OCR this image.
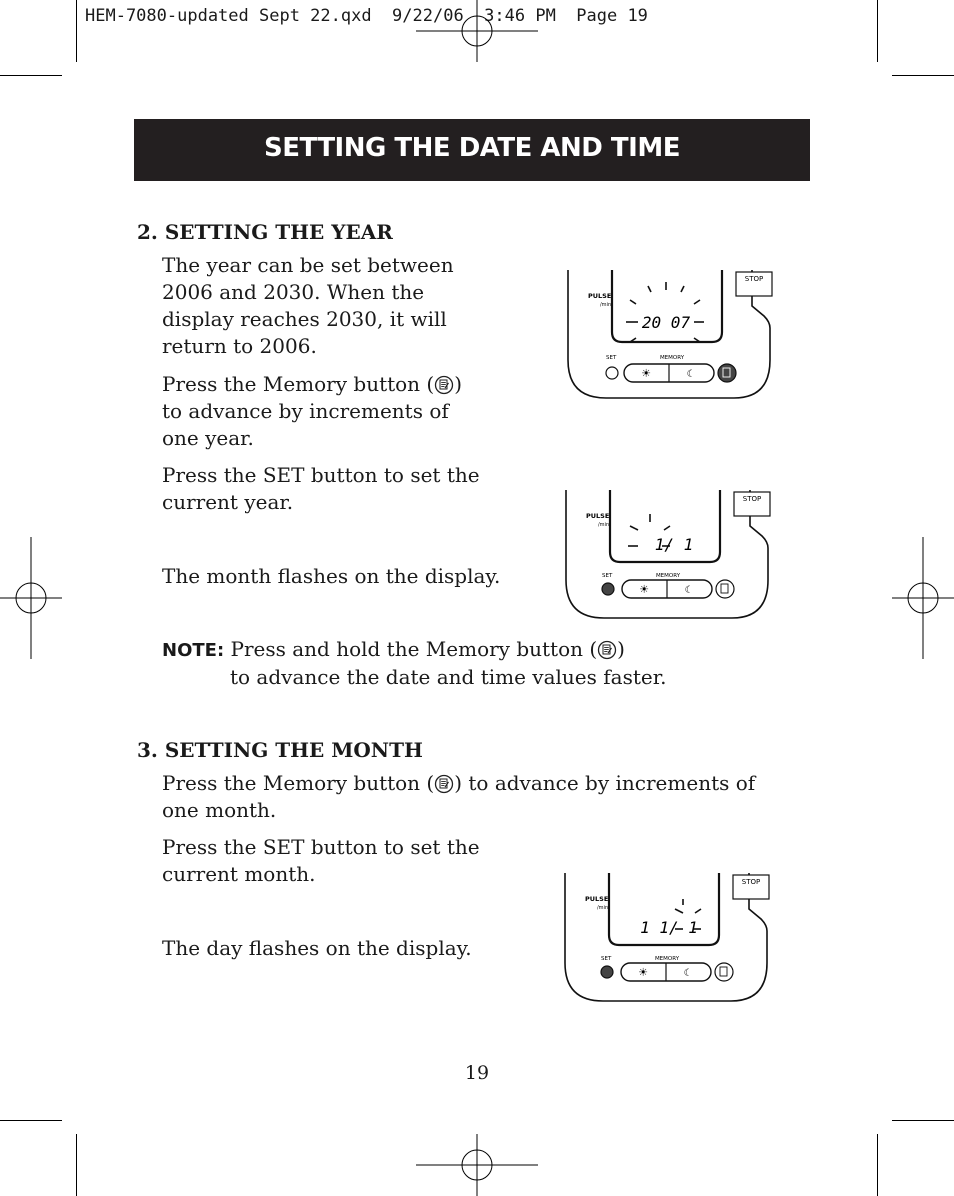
HEM-7080-updated Sept 22.qxd  9/22/06  3:46 PM  Page 19
SETTING THE DATE AND TIME
2. SETTING THE YEAR
The year can be set between
2006 and 2030. When the
display reaches 2030, it will
return to 2006.
Press the Memory button ( )
to advance by increments of
one year.
Press the SET button to set the
current year.
The month flashes on the display.
NOTE: Press and hold the Memory button ( )
to advance the date and time values faster.
3. SETTING THE MONTH
Press the Memory button ( ) to advance by increments of
one month.
Press the SET button to set the
current month.
The day flashes on the display.
STOP
PULSE
/min
20 07
SET	MEMORY
☀	☾
STOP
PULSE
/min
1/ 1
SET	MEMORY
☀	☾
STOP
PULSE
/min
1 1/ 1
SET	MEMORY
☀	☾
19
